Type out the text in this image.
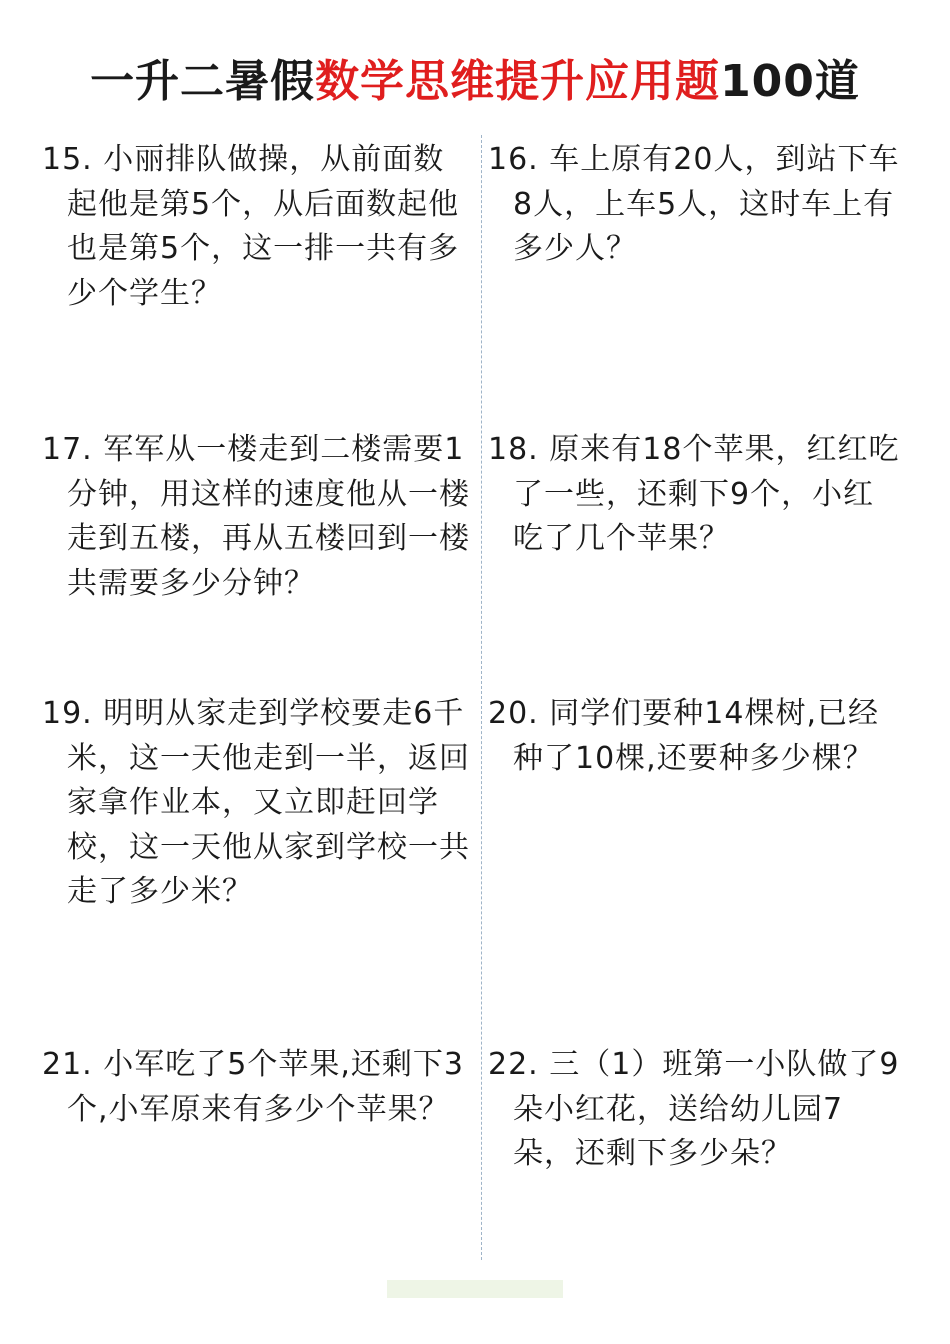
一升二暑假数学思维提升应用题100道
15. 小丽排队做操，从前面数起他是第5个，从后面数起他也是第5个，这一排一共有多少个学生？
16. 车上原有20人，到站下车8人，上车5人，这时车上有多少人？
17. 军军从一楼走到二楼需要1分钟，用这样的速度他从一楼走到五楼，再从五楼回到一楼共需要多少分钟？
18. 原来有18个苹果，红红吃了一些，还剩下9个，小红吃了几个苹果？
19. 明明从家走到学校要走6千米，这一天他走到一半，返回家拿作业本，又立即赶回学校，这一天他从家到学校一共走了多少米？
20. 同学们要种14棵树,已经种了10棵,还要种多少棵？
21. 小军吃了5个苹果,还剩下3个,小军原来有多少个苹果？
22. 三（1）班第一小队做了9朵小红花，送给幼儿园7朵，还剩下多少朵？
